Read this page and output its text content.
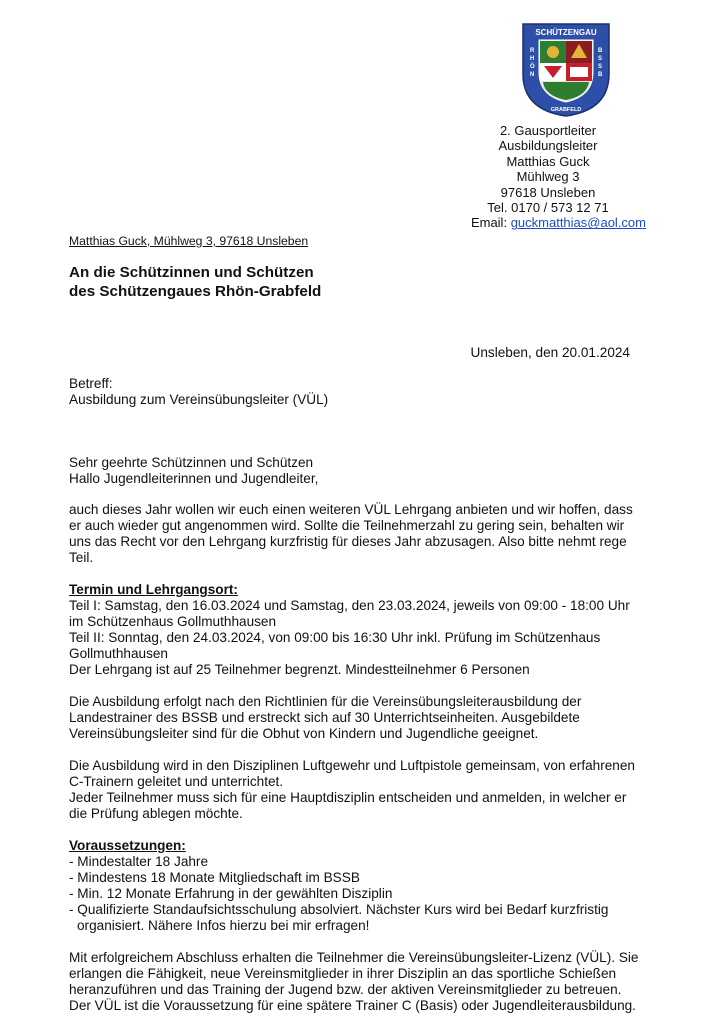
SCHÜTZENGAU
R
H
Ö
N
B
S
S
B
GRABFELD
2. Gausportleiter
Ausbildungsleiter
Matthias Guck
Mühlweg 3
97618 Unsleben
Tel. 0170 / 573 12 71
Email: guckmatthias@aol.com
Matthias Guck, Mühlweg 3, 97618 Unsleben
An die Schützinnen und Schützen
des Schützengaues Rhön-Grabfeld
Unsleben, den 20.01.2024
Betreff:
Ausbildung zum Vereinsübungsleiter (VÜL)
Sehr geehrte Schützinnen und Schützen
Hallo Jugendleiterinnen und Jugendleiter,
auch dieses Jahr wollen wir euch einen weiteren VÜL Lehrgang anbieten und wir hoffen, dass
er auch wieder gut angenommen wird. Sollte die Teilnehmerzahl zu gering sein, behalten wir
uns das Recht vor den Lehrgang kurzfristig für dieses Jahr abzusagen. Also bitte nehmt rege
Teil.
Termin und Lehrgangsort:
Teil I: Samstag, den 16.03.2024 und Samstag, den 23.03.2024, jeweils von 09:00 - 18:00 Uhr
im Schützenhaus Gollmuthhausen
Teil II: Sonntag, den 24.03.2024, von 09:00 bis 16:30 Uhr inkl. Prüfung im Schützenhaus
Gollmuthhausen
Der Lehrgang ist auf 25 Teilnehmer begrenzt. Mindestteilnehmer 6 Personen
Die Ausbildung erfolgt nach den Richtlinien für die Vereinsübungsleiterausbildung der
Landestrainer des BSSB und erstreckt sich auf 30 Unterrichtseinheiten. Ausgebildete
Vereinsübungsleiter sind für die Obhut von Kindern und Jugendliche geeignet.
Die Ausbildung wird in den Disziplinen Luftgewehr und Luftpistole gemeinsam, von erfahrenen
C-Trainern geleitet und unterrichtet.
Jeder Teilnehmer muss sich für eine Hauptdisziplin entscheiden und anmelden, in welcher er
die Prüfung ablegen möchte.
Voraussetzungen:
- Mindestalter 18 Jahre
- Mindestens 18 Monate Mitgliedschaft im BSSB
- Min. 12 Monate Erfahrung in der gewählten Disziplin
- Qualifizierte Standaufsichtsschulung absolviert. Nächster Kurs wird bei Bedarf kurzfristig
organisiert. Nähere Infos hierzu bei mir erfragen!
Mit erfolgreichem Abschluss erhalten die Teilnehmer die Vereinsübungsleiter-Lizenz (VÜL). Sie
erlangen die Fähigkeit, neue Vereinsmitglieder in ihrer Disziplin an das sportliche Schießen
heranzuführen und das Training der Jugend bzw. der aktiven Vereinsmitglieder zu betreuen.
Der VÜL ist die Voraussetzung für eine spätere Trainer C (Basis) oder Jugendleiterausbildung.
